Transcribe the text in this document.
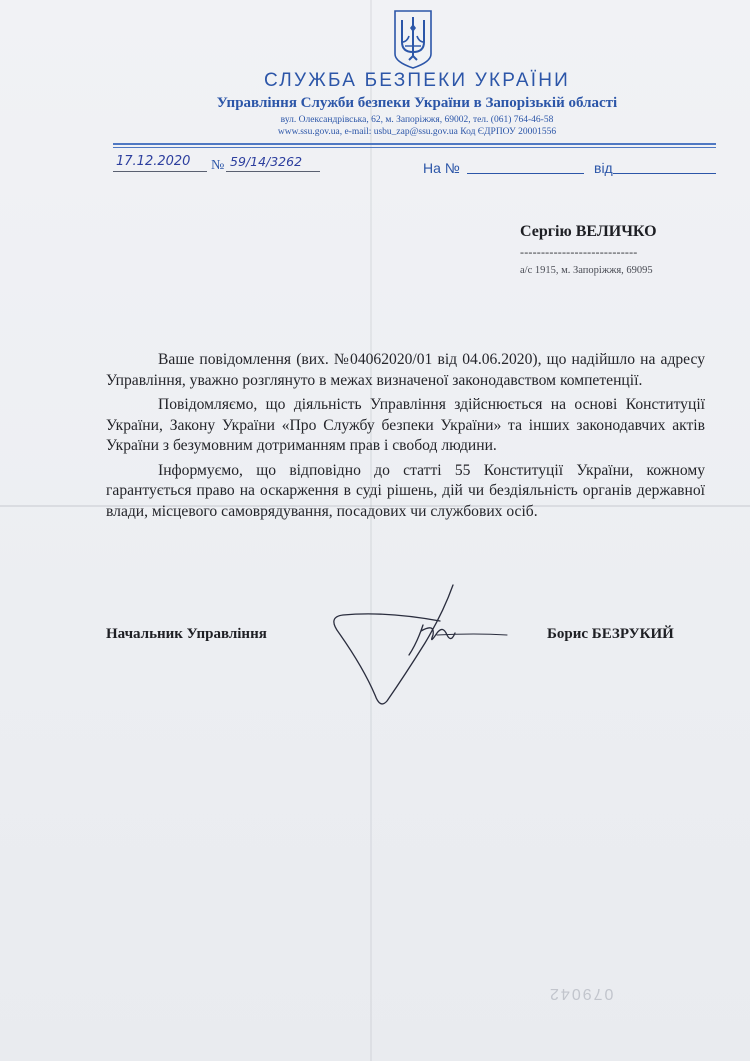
СЛУЖБА БЕЗПЕКИ УКРАЇНИ
Управління Служби безпеки України в Запорізькій області
вул. Олександрівська, 62, м. Запоріжжя, 69002, тел. (061) 764-46-58
www.ssu.gov.ua, e-mail: usbu_zap@ssu.gov.ua Код ЄДРПОУ 20001556
17.12.2020 № 59/14/3262	На №	від
Сергію ВЕЛИЧКО
----------------------------
а/с 1915, м. Запоріжжя, 69095

Ваше повідомлення (вих. №04062020/01 від 04.06.2020), що надійшло на адресу Управління, уважно розглянуто в межах визначеної законодавством компетенції.

Повідомляємо, що діяльність Управління здійснюється на основі Конституції України, Закону України «Про Службу безпеки України» та інших законодавчих актів України з безумовним дотриманням прав і свобод людини.

Інформуємо, що відповідно до статті 55 Конституції України, кожному гарантується право на оскарження в суді рішень, дій чи бездіяльність органів державної влади, місцевого самоврядування, посадових чи службових осіб.

Начальник Управління	Борис БЕЗРУКИЙ
079042
